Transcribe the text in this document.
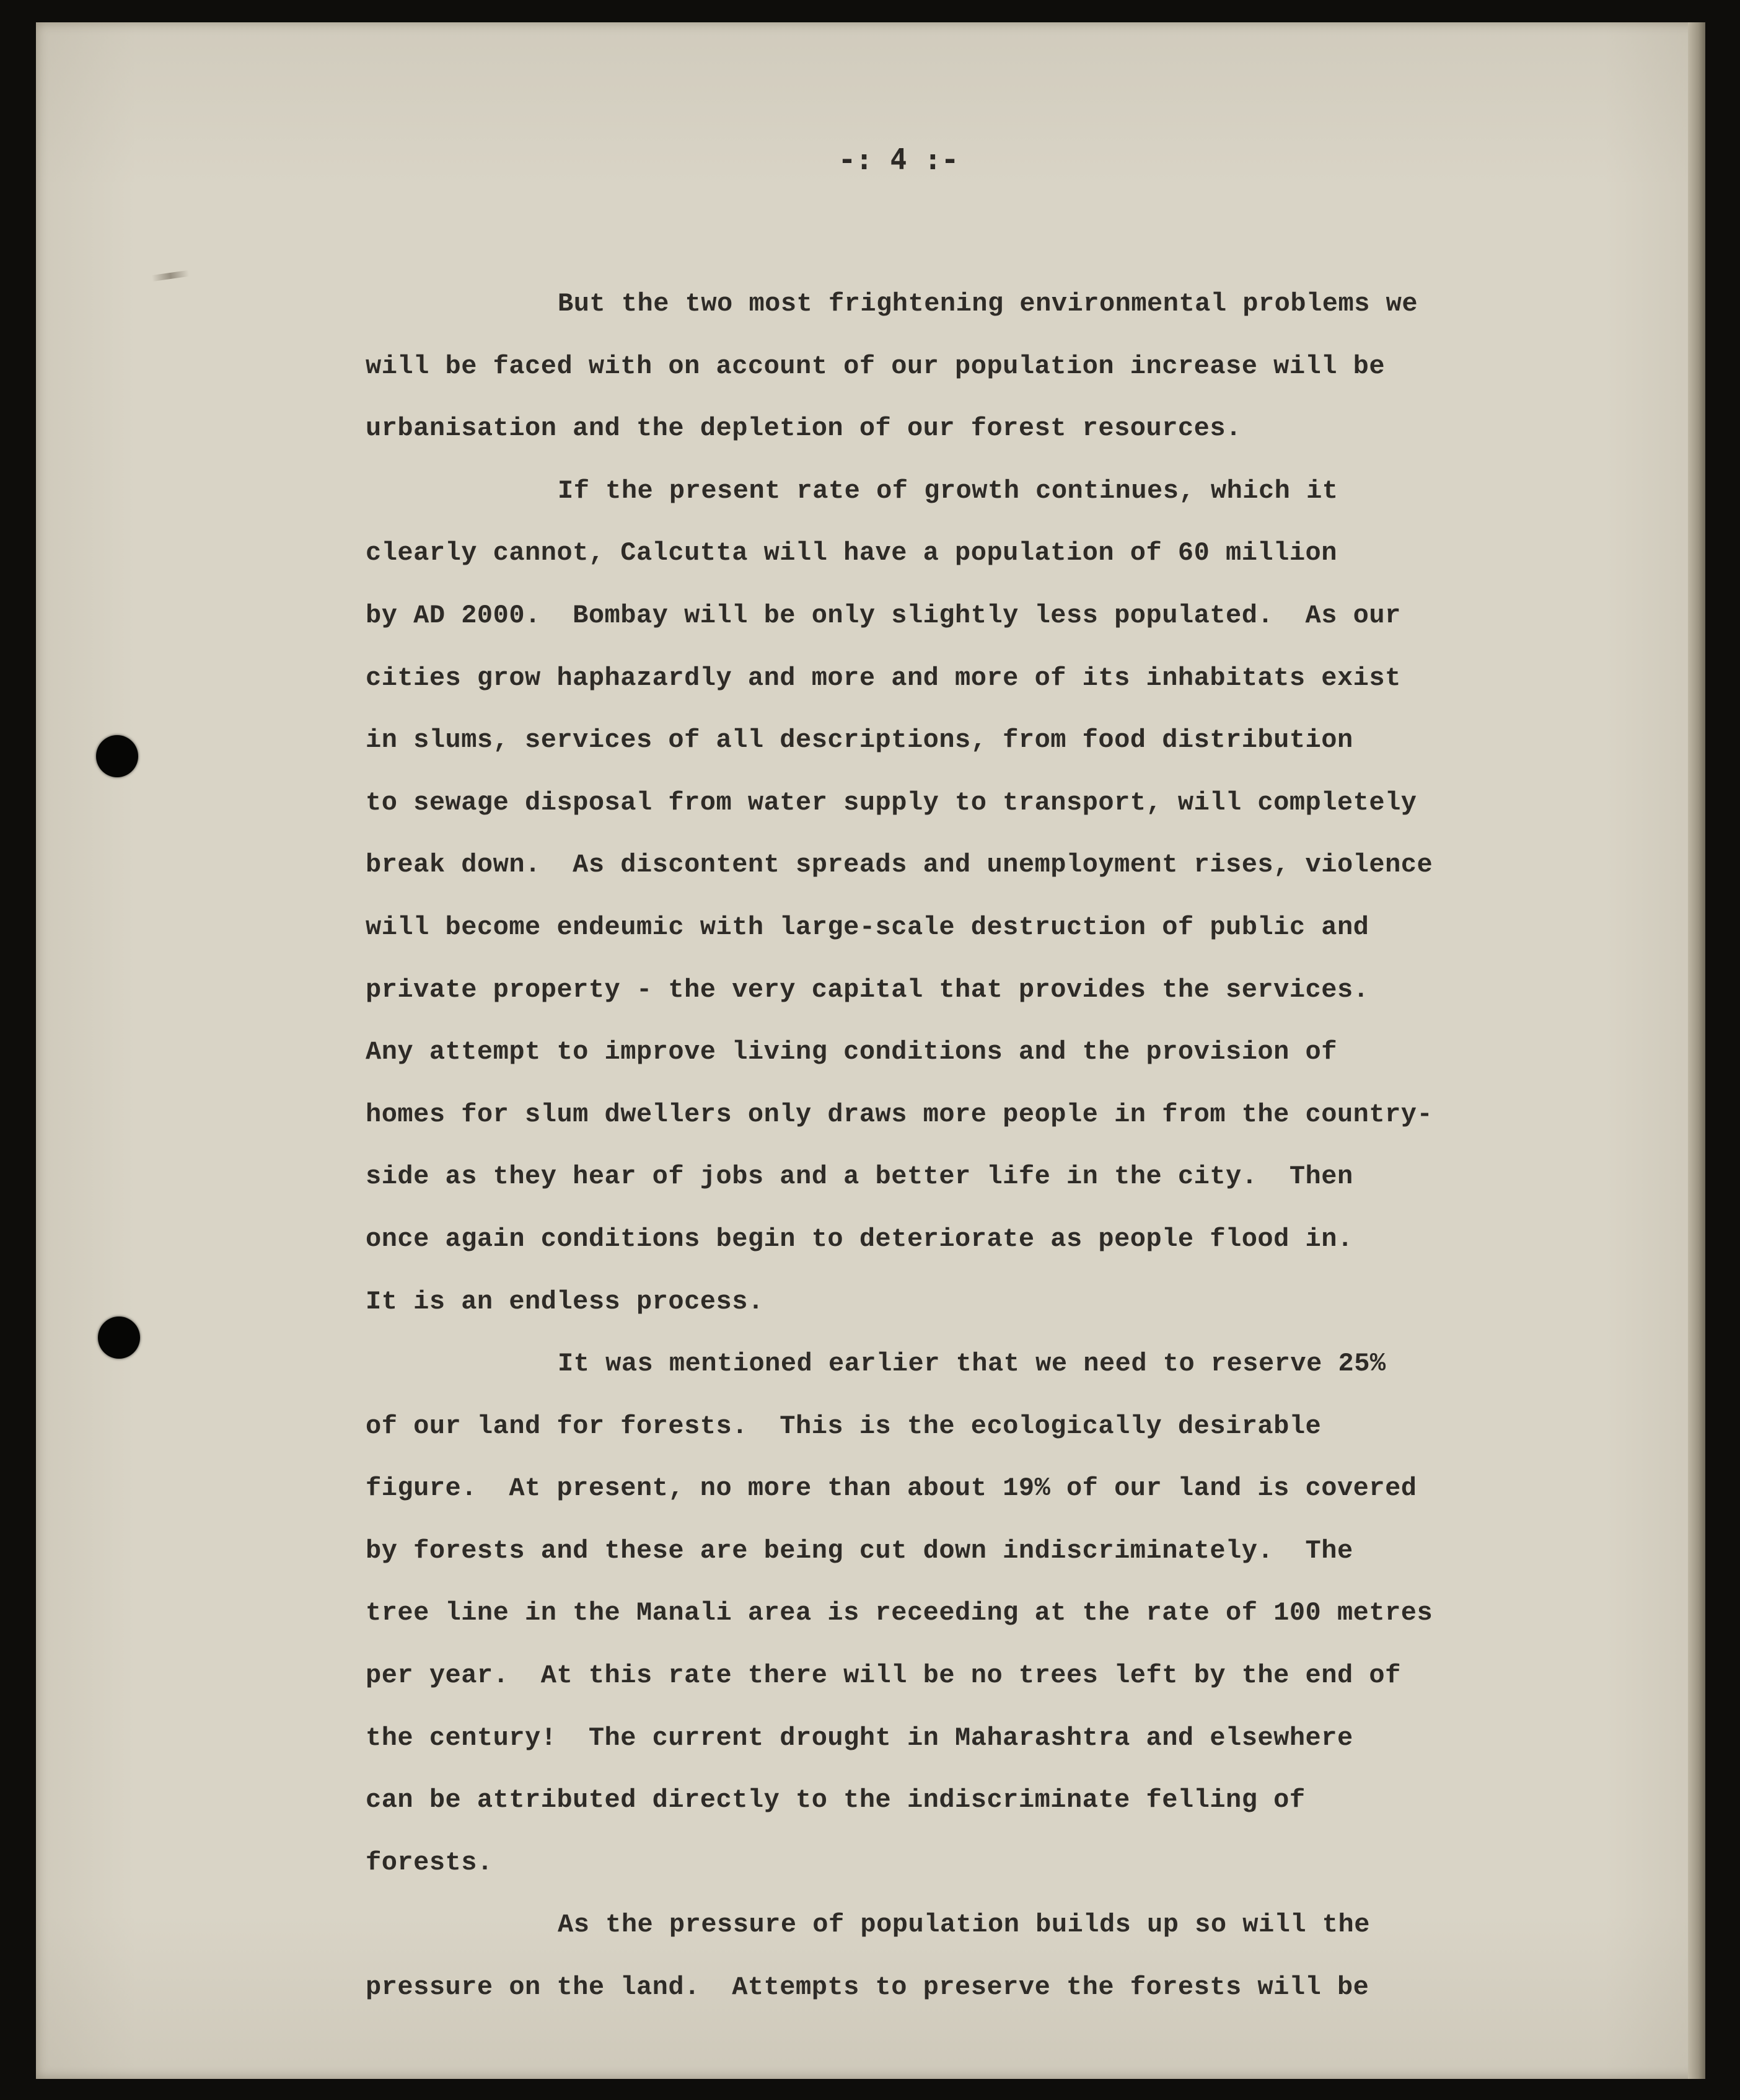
-: 4 :-
But the two most frightening environmental problems we
will be faced with on account of our population increase will be
urbanisation and the depletion of our forest resources.
If the present rate of growth continues, which it
clearly cannot, Calcutta will have a population of 60 million
by AD 2000.  Bombay will be only slightly less populated.  As our
cities grow haphazardly and more and more of its inhabitats exist
in slums, services of all descriptions, from food distribution
to sewage disposal from water supply to transport, will completely
break down.  As discontent spreads and unemployment rises, violence
will become endeumic with large-scale destruction of public and
private property - the very capital that provides the services.
Any attempt to improve living conditions and the provision of
homes for slum dwellers only draws more people in from the country-
side as they hear of jobs and a better life in the city.  Then
once again conditions begin to deteriorate as people flood in.
It is an endless process.
It was mentioned earlier that we need to reserve 25%
of our land for forests.  This is the ecologically desirable
figure.  At present, no more than about 19% of our land is covered
by forests and these are being cut down indiscriminately.  The
tree line in the Manali area is receeding at the rate of 100 metres
per year.  At this rate there will be no trees left by the end of
the century!  The current drought in Maharashtra and elsewhere
can be attributed directly to the indiscriminate felling of
forests.
As the pressure of population builds up so will the
pressure on the land.  Attempts to preserve the forests will be
